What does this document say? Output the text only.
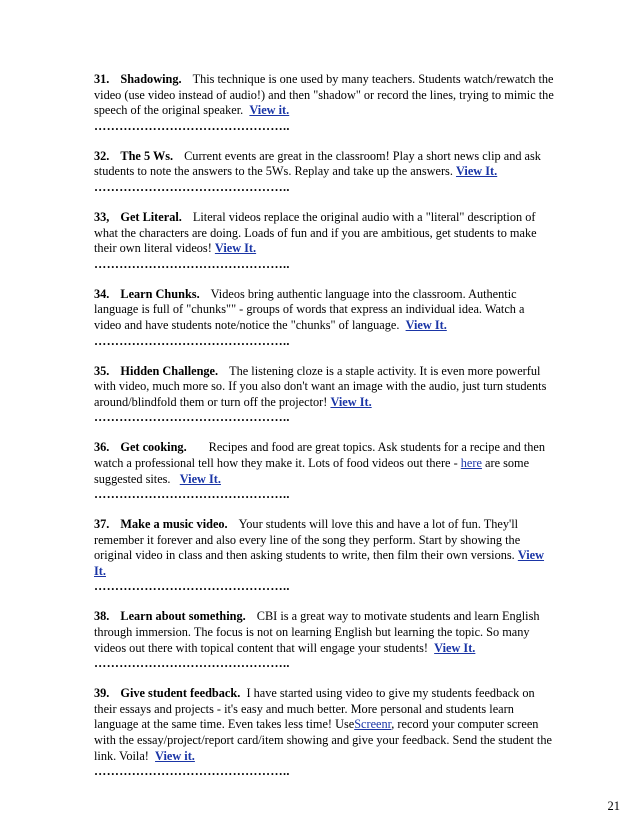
31. Shadowing. This technique is one used by many teachers. Students watch/rewatch the video (use video instead of audio!) and then "shadow" or record the lines, trying to mimic the speech of the original speaker. View it.

………………………………………..

32. The 5 Ws. Current events are great in the classroom! Play a short news clip and ask students to note the answers to the 5Ws. Replay and take up the answers. View It.

………………………………………..

33, Get Literal. Literal videos replace the original audio with a "literal" description of what the characters are doing. Loads of fun and if you are ambitious, get students to make their own literal videos! View It.

………………………………………..

34. Learn Chunks. Videos bring authentic language into the classroom. Authentic language is full of "chunks"" - groups of words that express an individual idea. Watch a video and have students note/notice the "chunks" of language. View It.

………………………………………..

35. Hidden Challenge. The listening cloze is a staple activity. It is even more powerful with video, much more so. If you also don't want an image with the audio, just turn students around/blindfold them or turn off the projector! View It.

………………………………………..

36. Get cooking. Recipes and food are great topics. Ask students for a recipe and then watch a professional tell how they make it. Lots of food videos out there - here are some suggested sites. View It.

………………………………………..

37. Make a music video. Your students will love this and have a lot of fun. They'll remember it forever and also every line of the song they perform. Start by showing the original video in class and then asking students to write, then film their own versions. View It.

………………………………………..

38. Learn about something. CBI is a great way to motivate students and learn English through immersion. The focus is not on learning English but learning the topic. So many videos out there with topical content that will engage your students! View It.

………………………………………..

39. Give student feedback. I have started using video to give my students feedback on their essays and projects - it's easy and much better. More personal and students learn language at the same time. Even takes less time! UseScreenr, record your computer screen with the essay/project/report card/item showing and give your feedback. Send the student the link. Voila! View it.

………………………………………..

21
